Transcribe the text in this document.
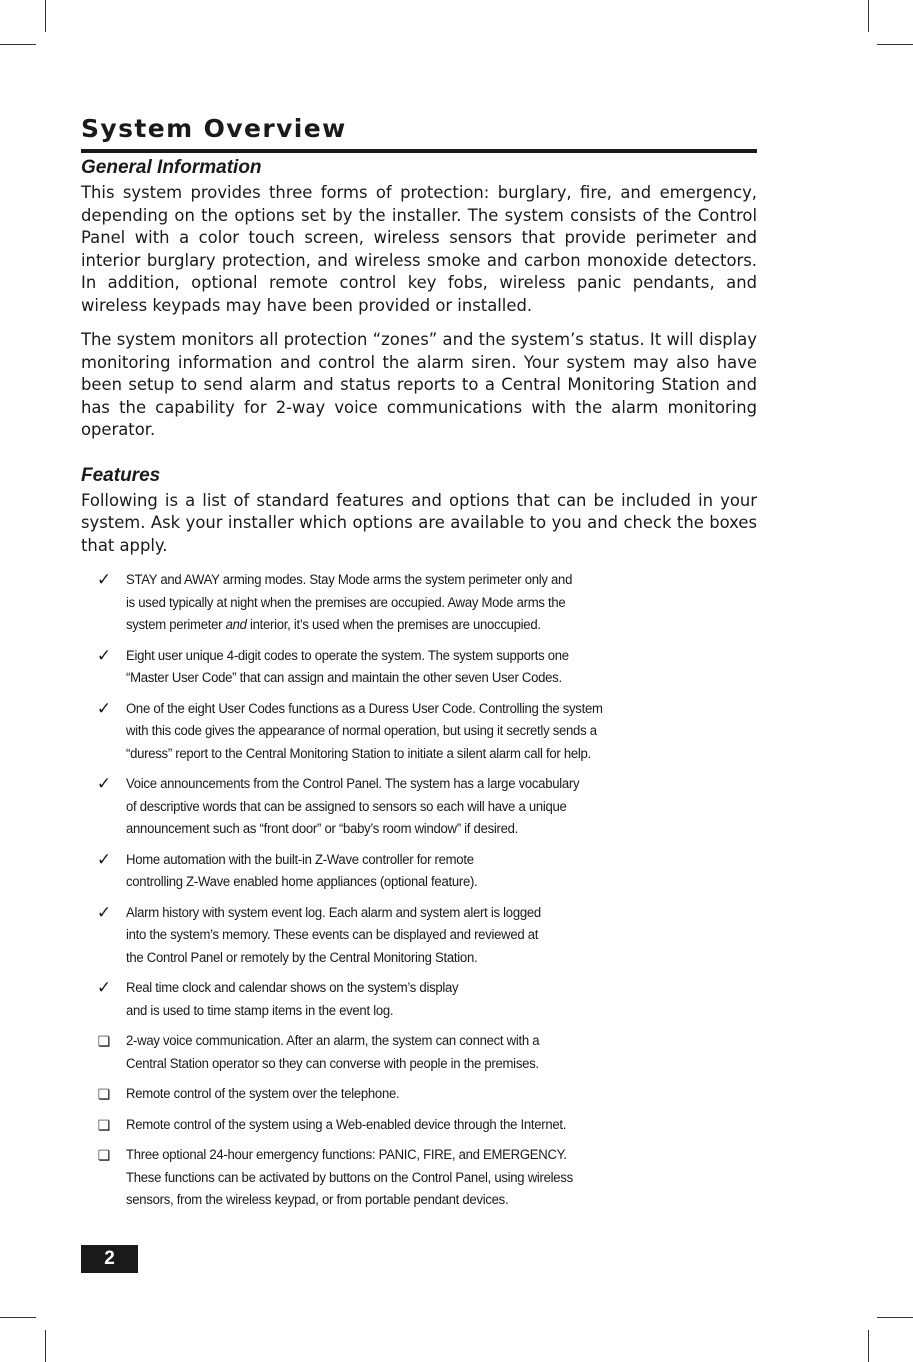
System Overview
General Information

This system provides three forms of protection: burglary, fire, and emergency, depending on the options set by the installer. The system consists of the Control Panel with a color touch screen, wireless sensors that provide perimeter and interior burglary protection, and wireless smoke and carbon monoxide detectors. In addition, optional remote control key fobs, wireless panic pendants, and wireless keypads may have been provided or installed.

The system monitors all protection “zones” and the system’s status. It will display monitoring information and control the alarm siren. Your system may also have been setup to send alarm and status reports to a Central Monitoring Station and has the capability for 2-way voice communications with the alarm monitoring operator.

Features

Following is a list of standard features and options that can be included in your system. Ask your installer which options are available to you and check the boxes that apply.

✓ STAY and AWAY arming modes. Stay Mode arms the system perimeter only and
is used typically at night when the premises are occupied. Away Mode arms the
system perimeter and interior, it’s used when the premises are unoccupied.
✓ Eight user unique 4-digit codes to operate the system. The system supports one
“Master User Code” that can assign and maintain the other seven User Codes.
✓ One of the eight User Codes functions as a Duress User Code. Controlling the system
with this code gives the appearance of normal operation, but using it secretly sends a
“duress” report to the Central Monitoring Station to initiate a silent alarm call for help.
✓ Voice announcements from the Control Panel. The system has a large vocabulary
of descriptive words that can be assigned to sensors so each will have a unique
announcement such as “front door” or “baby’s room window” if desired.
✓ Home automation with the built-in Z-Wave controller for remote
controlling Z-Wave enabled home appliances (optional feature).
✓ Alarm history with system event log. Each alarm and system alert is logged
into the system’s memory. These events can be displayed and reviewed at
the Control Panel or remotely by the Central Monitoring Station.
✓ Real time clock and calendar shows on the system’s display
and is used to time stamp items in the event log.
❏ 2-way voice communication. After an alarm, the system can connect with a
Central Station operator so they can converse with people in the premises.
❏ Remote control of the system over the telephone.
❏ Remote control of the system using a Web-enabled device through the Internet.
❏ Three optional 24-hour emergency functions: PANIC, FIRE, and EMERGENCY.
These functions can be activated by buttons on the Control Panel, using wireless
sensors, from the wireless keypad, or from portable pendant devices.
2
